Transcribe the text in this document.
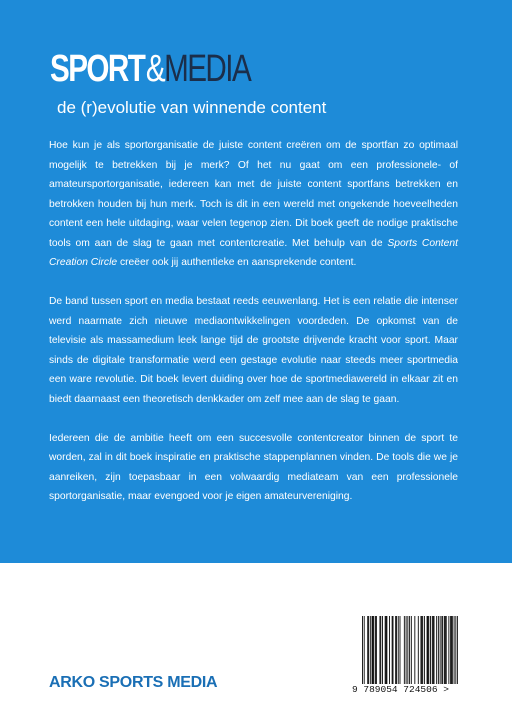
SPORT&MEDIA
de (r)evolutie van winnende content

Hoe kun je als sportorganisatie de juiste content creëren om de sportfan zo optimaal mogelijk te betrekken bij je merk? Of het nu gaat om een professionele- of amateursportorganisatie, iedereen kan met de juiste content sportfans betrekken en betrokken houden bij hun merk. Toch is dit in een wereld met ongekende hoeveelheden content een hele uitdaging, waar velen tegenop zien. Dit boek geeft de nodige praktische tools om aan de slag te gaan met contentcreatie. Met behulp van de Sports Content Creation Circle creëer ook jij authentieke en aansprekende content.

De band tussen sport en media bestaat reeds eeuwenlang. Het is een relatie die intenser werd naarmate zich nieuwe mediaontwikkelingen voordeden. De opkomst van de televisie als massamedium leek lange tijd de grootste drijvende kracht voor sport. Maar sinds de digitale transformatie werd een gestage evolutie naar steeds meer sportmedia een ware revolutie. Dit boek levert duiding over hoe de sportmediawereld in elkaar zit en biedt daarnaast een theoretisch denkkader om zelf mee aan de slag te gaan.

Iedereen die de ambitie heeft om een succesvolle contentcreator binnen de sport te worden, zal in dit boek inspiratie en praktische stappenplannen vinden. De tools die we je aanreiken, zijn toepasbaar in een volwaardig mediateam van een professionele sportorganisatie, maar evengoed voor je eigen amateurvereniging.

ARKO SPORTS MEDIA	9 789054 724506 >
